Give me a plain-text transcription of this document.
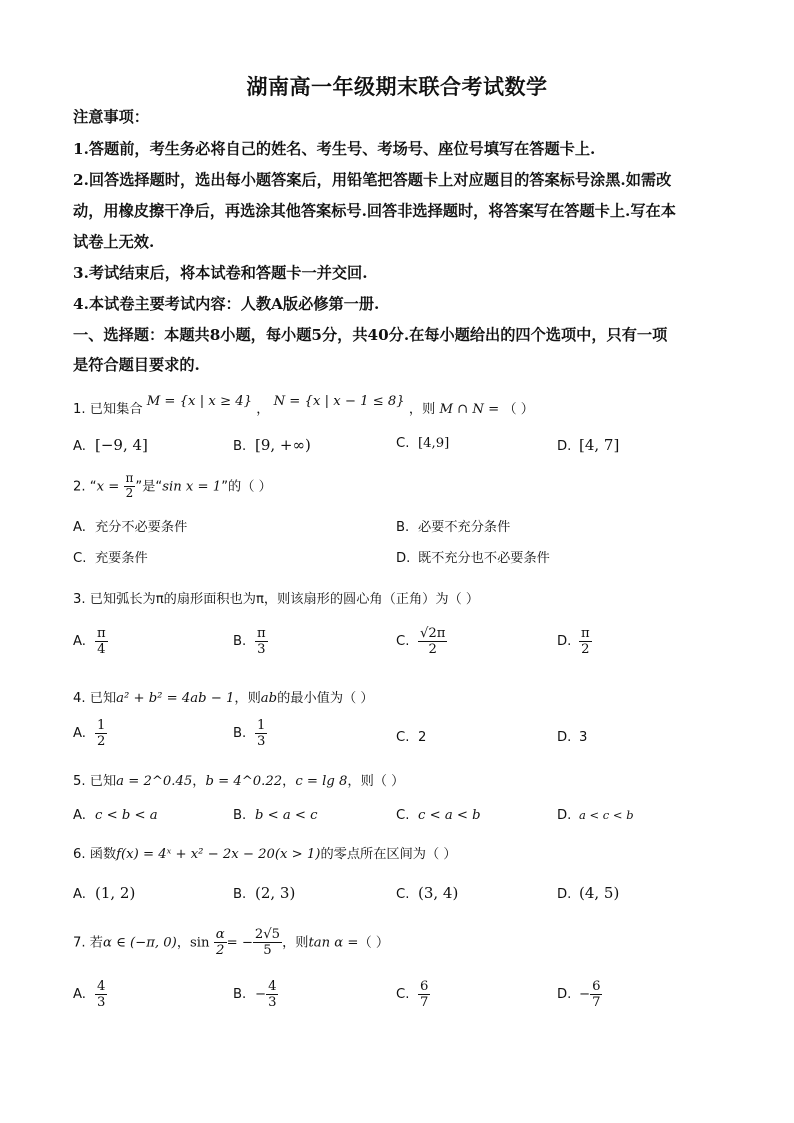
湖南高一年级期末联合考试数学
注意事项：
1.答题前，考生务必将自己的姓名、考生号、考场号、座位号填写在答题卡上.
2.回答选择题时，选出每小题答案后，用铅笔把答题卡上对应题目的答案标号涂黑.如需改
动，用橡皮擦干净后，再选涂其他答案标号.回答非选择题时，将答案写在答题卡上.写在本
试卷上无效.
3.考试结束后，将本试卷和答题卡一并交回.
4.本试卷主要考试内容：人教A版必修第一册.
一、选择题：本题共8小题，每小题5分，共40分.在每小题给出的四个选项中，只有一项
是符合题目要求的.
1. 已知集合 M = {x | x ≥ 4} ， N = {x | x − 1 ≤ 8} ，则 M ∩ N = （ ）
A. [−9, 4]	B. [9, +∞)	C. [4,9]	D. [4, 7]
2. “$x = \frac{\pi}{2}$ ”是“sin x = 1”的（ ）
A. 充分不必要条件	B. 必要不充分条件
C. 充要条件	D. 既不充分也不必要条件
3. 已知弧长为π的扇形面积也为π，则该扇形的圆心角（正角）为（ ）
A. $\frac{\pi}{4}$	B. $\frac{\pi}{3}$	C. $\frac{√2\pi}{2}$	D. $\frac{\pi}{2}$
4. 已知a² + b² = 4ab − 1，则ab的最小值为（ ）
A. $\frac{1}{2}$	B. $\frac{1}{3}$	C. 2	D. 3
5. 已知a = 2^0.45，b = 4^0.22，c = lg 8，则（ ）
A. c < b < a	B. b < a < c	C. c < a < b	D. a < c < b
6. 函数f(x) = 4ˣ + x² − 2x − 20(x > 1)的零点所在区间为（ ）
A. (1, 2)	B. (2, 3)	C. (3, 4)	D. (4, 5)
7. 若α ∈ (−π, 0)，$\sin \frac{\alpha}{2}$ = − $\frac{2√5}{5}$ ，则tan α =（ ）
A. $\frac{4}{3}$	B. − $\frac{4}{3}$	C. $\frac{6}{7}$	D. − $\frac{6}{7}$
